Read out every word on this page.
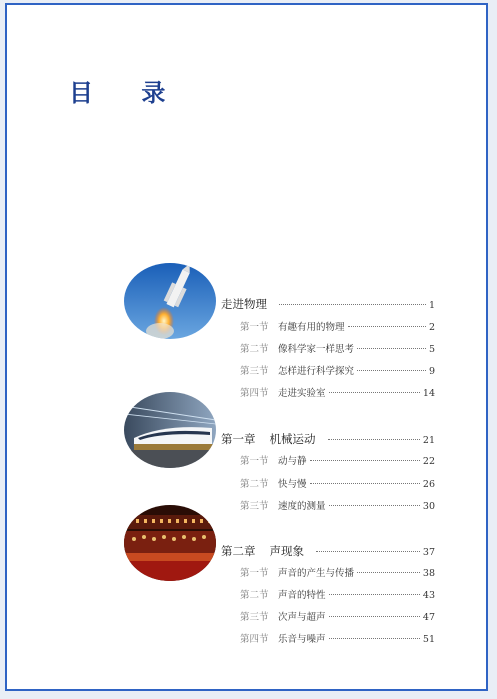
目 录
走进物理	1
第一节 有趣有用的物理	2
第二节 像科学家一样思考	5
第三节 怎样进行科学探究	9
第四节 走进实验室	14
第一章 机械运动	21
第一节 动与静	22
第二节 快与慢	26
第三节 速度的测量	30
第二章 声现象	37
第一节 声音的产生与传播	38
第二节 声音的特性	43
第三节 次声与超声	47
第四节 乐音与噪声	51
